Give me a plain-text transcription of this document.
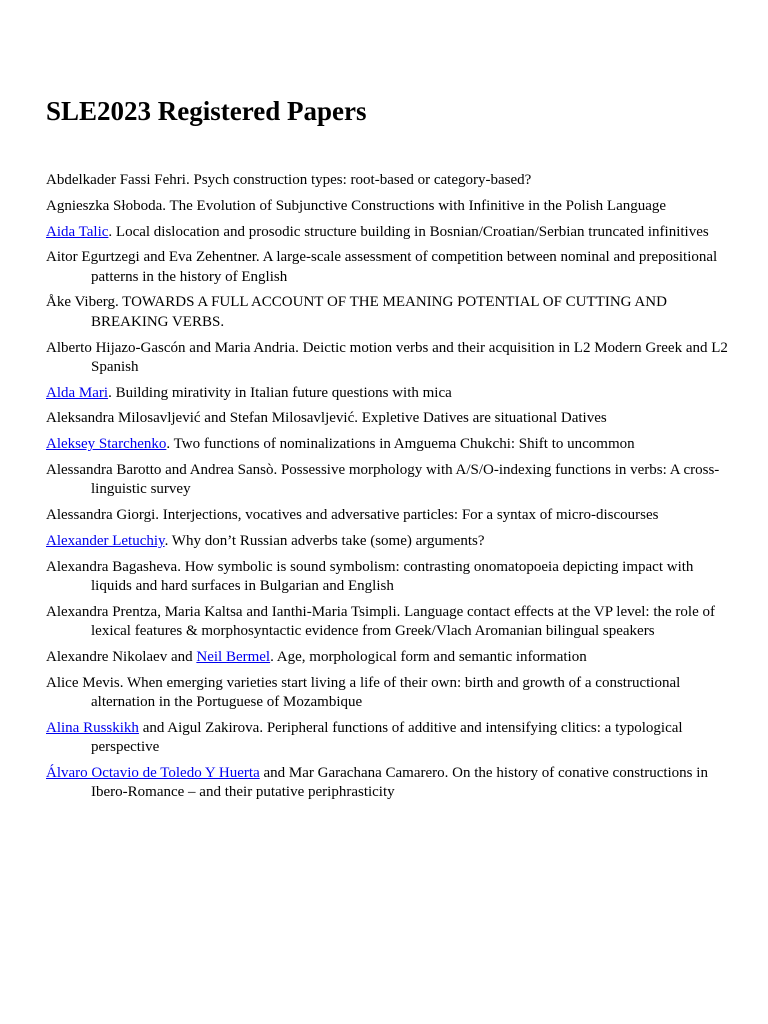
SLE2023 Registered Papers
Abdelkader Fassi Fehri. Psych construction types: root-based or category-based?
Agnieszka Słoboda. The Evolution of Subjunctive Constructions with Infinitive in the Polish Language
Aida Talic. Local dislocation and prosodic structure building in Bosnian/Croatian/Serbian truncated infinitives
Aitor Egurtzegi and Eva Zehentner. A large-scale assessment of competition between nominal and prepositional patterns in the history of English
Åke Viberg. TOWARDS A FULL ACCOUNT OF THE MEANING POTENTIAL OF CUTTING AND BREAKING VERBS.
Alberto Hijazo-Gascón and Maria Andria. Deictic motion verbs and their acquisition in L2 Modern Greek and L2 Spanish
Alda Mari. Building mirativity in Italian future questions with mica
Aleksandra Milosavljević and Stefan Milosavljević. Expletive Datives are situational Datives
Aleksey Starchenko. Two functions of nominalizations in Amguema Chukchi: Shift to uncommon
Alessandra Barotto and Andrea Sansò. Possessive morphology with A/S/O-indexing functions in verbs: A cross-linguistic survey
Alessandra Giorgi. Interjections, vocatives and adversative particles: For a syntax of micro-discourses
Alexander Letuchiy. Why don’t Russian adverbs take (some) arguments?
Alexandra Bagasheva. How symbolic is sound symbolism: contrasting onomatopoeia depicting impact with liquids and hard surfaces in Bulgarian and English
Alexandra Prentza, Maria Kaltsa and Ianthi-Maria Tsimpli. Language contact effects at the VP level: the role of lexical features & morphosyntactic evidence from Greek/Vlach Aromanian bilingual speakers
Alexandre Nikolaev and Neil Bermel. Age, morphological form and semantic information
Alice Mevis. When emerging varieties start living a life of their own: birth and growth of a constructional alternation in the Portuguese of Mozambique
Alina Russkikh and Aigul Zakirova. Peripheral functions of additive and intensifying clitics: a typological perspective
Álvaro Octavio de Toledo Y Huerta and Mar Garachana Camarero. On the history of conative constructions in Ibero-Romance – and their putative periphrasticity
